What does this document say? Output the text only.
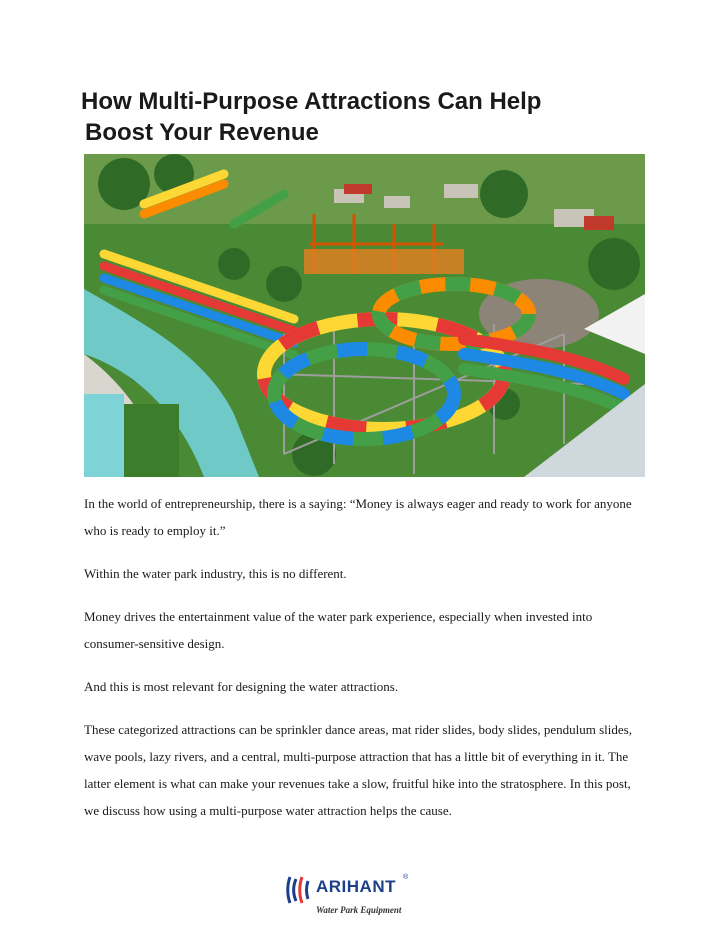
How Multi-Purpose Attractions Can Help
Boost Your Revenue

In the world of entrepreneurship, there is a saying: “Money is always eager and ready to work for anyone who is ready to employ it.”

Within the water park industry, this is no different.

Money drives the entertainment value of the water park experience, especially when invested into consumer-sensitive design.

And this is most relevant for designing the water attractions.

These categorized attractions can be sprinkler dance areas, mat rider slides, body slides, pendulum slides, wave pools, lazy rivers, and a central, multi-purpose attraction that has a little bit of everything in it. The latter element is what can make your revenues take a slow, fruitful hike into the stratosphere. In this post, we discuss how using a multi-purpose water attraction helps the cause.

ARIHANT ®
Water Park Equipment
